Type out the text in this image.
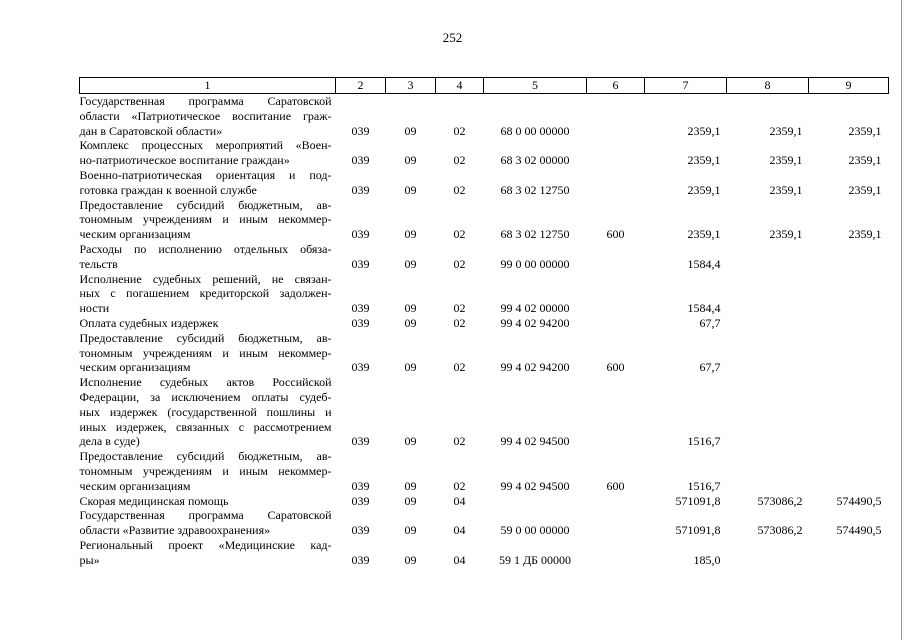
252
1	2	3	4	5	6	7	8	9

Государственная программа Саратовской
области «Патриотическое воспитание граж-
дан в Саратовской области»	039	09	02	68 0 00 00000		2359,1	2359,1	2359,1

Комплекс процессных мероприятий «Воен-
но-патриотическое воспитание граждан»	039	09	02	68 3 02 00000		2359,1	2359,1	2359,1

Военно-патриотическая ориентация и под-
готовка граждан к военной службе	039	09	02	68 3 02 12750		2359,1	2359,1	2359,1

Предоставление субсидий бюджетным, ав-
тономным учреждениям и иным некоммер-
ческим организациям	039	09	02	68 3 02 12750	600	2359,1	2359,1	2359,1

Расходы по исполнению отдельных обяза-
тельств	039	09	02	99 0 00 00000		1584,4		

Исполнение судебных решений, не связан-
ных с погашением кредиторской задолжен-
ности	039	09	02	99 4 02 00000		1584,4		

Оплата судебных издержек	039	09	02	99 4 02 94200		67,7		

Предоставление субсидий бюджетным, ав-
тономным учреждениям и иным некоммер-
ческим организациям	039	09	02	99 4 02 94200	600	67,7		

Исполнение судебных актов Российской
Федерации, за исключением оплаты судеб-
ных издержек (государственной пошлины и
иных издержек, связанных с рассмотрением
дела в суде)	039	09	02	99 4 02 94500		1516,7		

Предоставление субсидий бюджетным, ав-
тономным учреждениям и иным некоммер-
ческим организациям	039	09	02	99 4 02 94500	600	1516,7		

Скорая медицинская помощь	039	09	04			571091,8	573086,2	574490,5

Государственная программа Саратовской
области «Развитие здравоохранения»	039	09	04	59 0 00 00000		571091,8	573086,2	574490,5

Региональный проект «Медицинские кад-
ры»	039	09	04	59 1 ДБ 00000		185,0		
